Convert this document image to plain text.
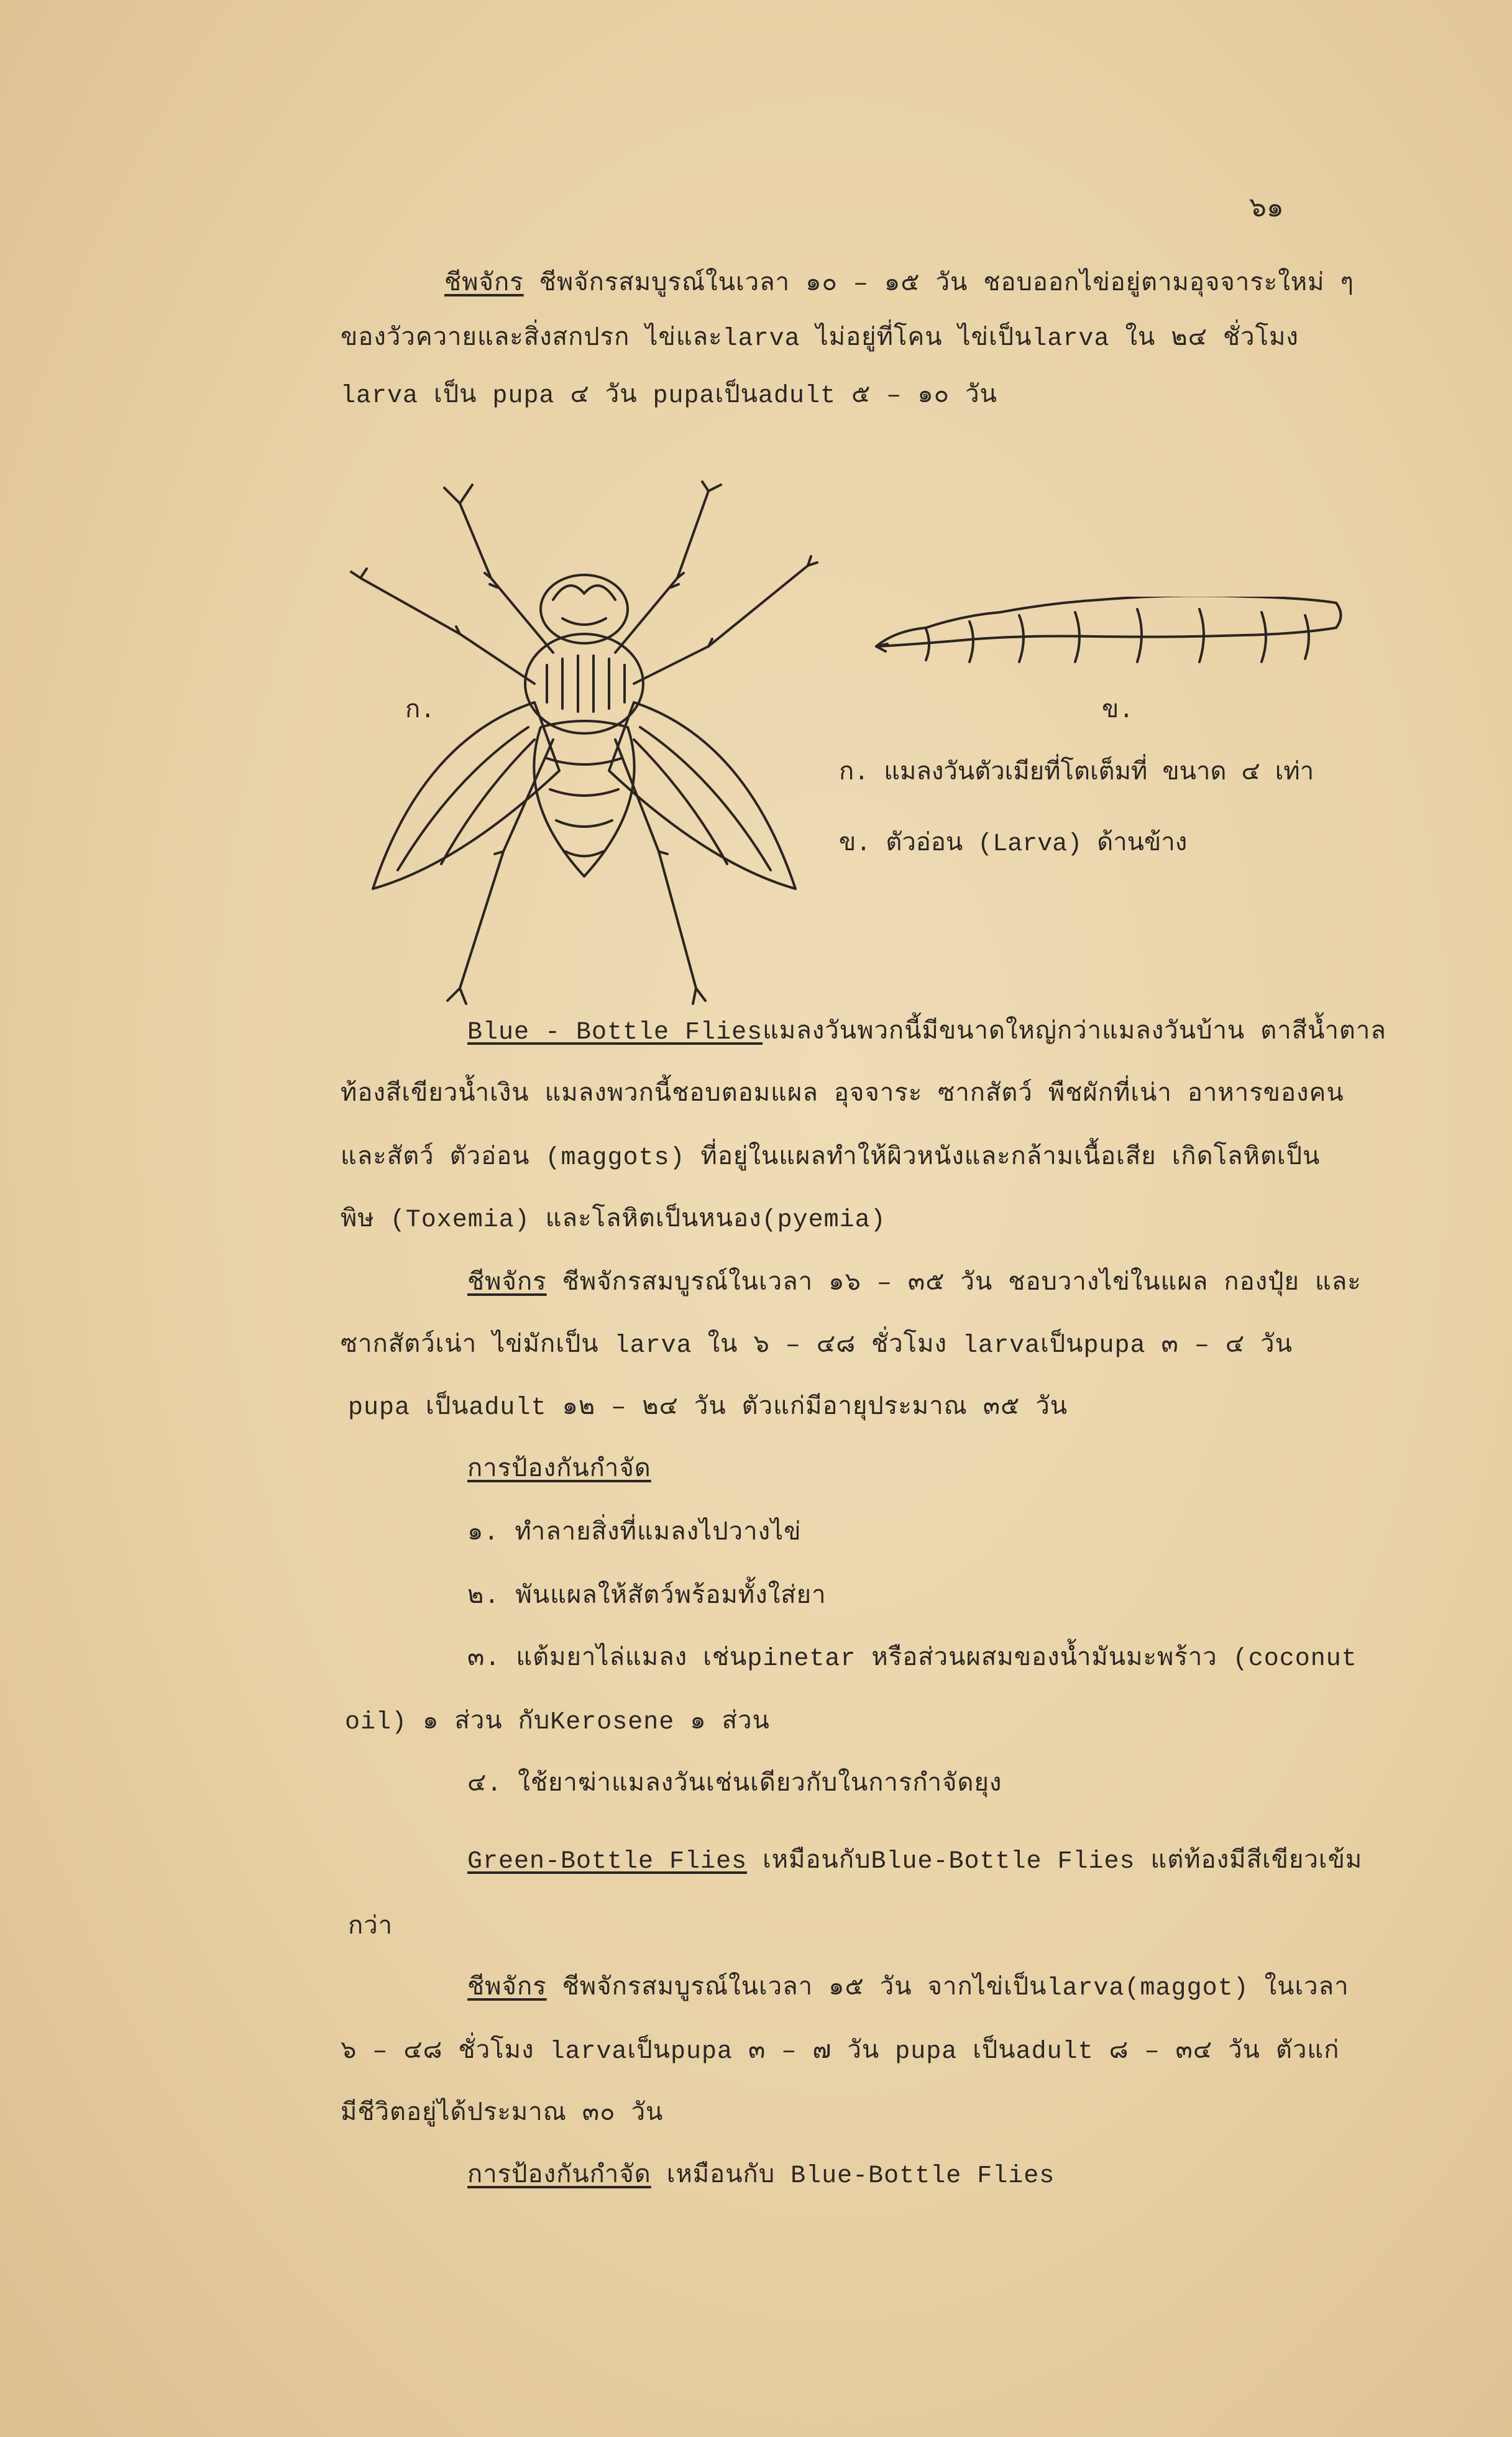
๖๑
ชีพจักร ชีพจักรสมบูรณ์ในเวลา ๑๐ – ๑๕ วัน ชอบออกไข่อยู่ตามอุจจาระใหม่ ๆ
ของวัวควายและสิ่งสกปรก ไข่และlarva ไม่อยู่ที่โคน ไข่เป็นlarva ใน ๒๔ ชั่วโมง
larva เป็น pupa ๔ วัน pupaเป็นadult ๕ – ๑๐ วัน
ก.	ข.
ก. แมลงวันตัวเมียที่โตเต็มที่ ขนาด ๔ เท่า
ข. ตัวอ่อน (Larva) ด้านข้าง
Blue - Bottle Fliesแมลงวันพวกนี้มีขนาดใหญ่กว่าแมลงวันบ้าน ตาสีน้ำตาล
ท้องสีเขียวน้ำเงิน แมลงพวกนี้ชอบตอมแผล อุจจาระ ซากสัตว์ พืชผักที่เน่า อาหารของคน
และสัตว์ ตัวอ่อน (maggots) ที่อยู่ในแผลทำให้ผิวหนังและกล้ามเนื้อเสีย เกิดโลหิตเป็น
พิษ (Toxemia) และโลหิตเป็นหนอง(pyemia)
ชีพจักร ชีพจักรสมบูรณ์ในเวลา ๑๖ – ๓๕ วัน ชอบวางไข่ในแผล กองปุ๋ย และ
ซากสัตว์เน่า ไข่มักเป็น larva ใน ๖ – ๔๘ ชั่วโมง larvaเป็นpupa ๓ – ๔ วัน
pupa เป็นadult ๑๒ – ๒๔ วัน ตัวแก่มีอายุประมาณ ๓๕ วัน
การป้องกันกำจัด
๑. ทำลายสิ่งที่แมลงไปวางไข่
๒. พันแผลให้สัตว์พร้อมทั้งใส่ยา
๓. แต้มยาไล่แมลง เช่นpinetar หรือส่วนผสมของน้ำมันมะพร้าว (coconut
oil) ๑ ส่วน กับKerosene ๑ ส่วน
๔. ใช้ยาฆ่าแมลงวันเช่นเดียวกับในการกำจัดยุง
Green-Bottle Flies เหมือนกับBlue-Bottle Flies แต่ท้องมีสีเขียวเข้ม
กว่า
ชีพจักร ชีพจักรสมบูรณ์ในเวลา ๑๕ วัน จากไข่เป็นlarva(maggot) ในเวลา
๖ – ๔๘ ชั่วโมง larvaเป็นpupa ๓ – ๗ วัน pupa เป็นadult ๘ – ๓๔ วัน ตัวแก่
มีชีวิตอยู่ได้ประมาณ ๓๐ วัน
การป้องกันกำจัด เหมือนกับ Blue-Bottle Flies
